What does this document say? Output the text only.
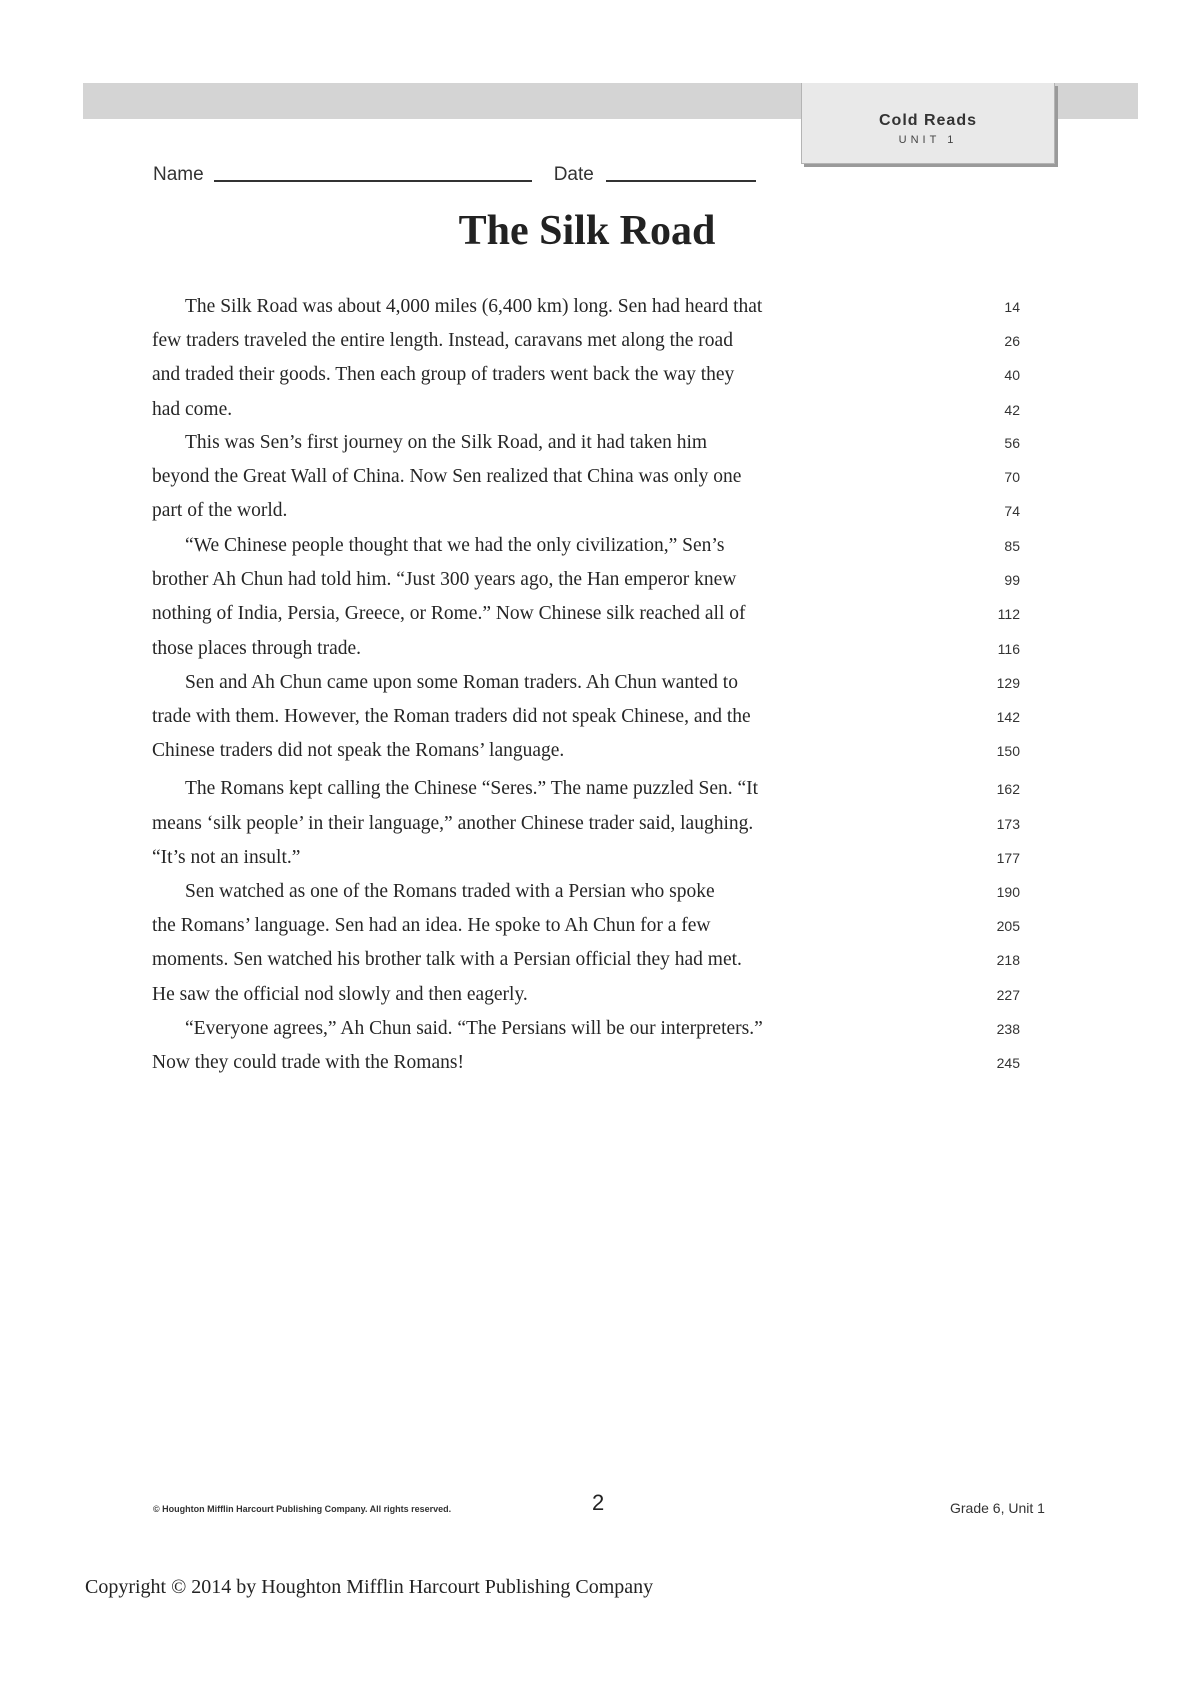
Cold Reads
UNIT 1
Name	Date
The Silk Road
The Silk Road was about 4,000 miles (6,400 km) long. Sen had heard that	14
few traders traveled the entire length. Instead, caravans met along the road	26
and traded their goods. Then each group of traders went back the way they	40
had come.	42
This was Sen’s first journey on the Silk Road, and it had taken him	56
beyond the Great Wall of China. Now Sen realized that China was only one	70
part of the world.	74
“We Chinese people thought that we had the only civilization,” Sen’s	85
brother Ah Chun had told him. “Just 300 years ago, the Han emperor knew	99
nothing of India, Persia, Greece, or Rome.” Now Chinese silk reached all of	112
those places through trade.	116
Sen and Ah Chun came upon some Roman traders. Ah Chun wanted to	129
trade with them. However, the Roman traders did not speak Chinese, and the	142
Chinese traders did not speak the Romans’ language.	150
The Romans kept calling the Chinese “Seres.” The name puzzled Sen. “It	162
means ‘silk people’ in their language,” another Chinese trader said, laughing.	173
“It’s not an insult.”	177
Sen watched as one of the Romans traded with a Persian who spoke	190
the Romans’ language. Sen had an idea. He spoke to Ah Chun for a few	205
moments. Sen watched his brother talk with a Persian official they had met.	218
He saw the official nod slowly and then eagerly.	227
“Everyone agrees,” Ah Chun said. “The Persians will be our interpreters.”	238
Now they could trade with the Romans!	245
© Houghton Mifflin Harcourt Publishing Company. All rights reserved.	2	Grade 6, Unit 1
Copyright © 2014 by Houghton Mifflin Harcourt Publishing Company
